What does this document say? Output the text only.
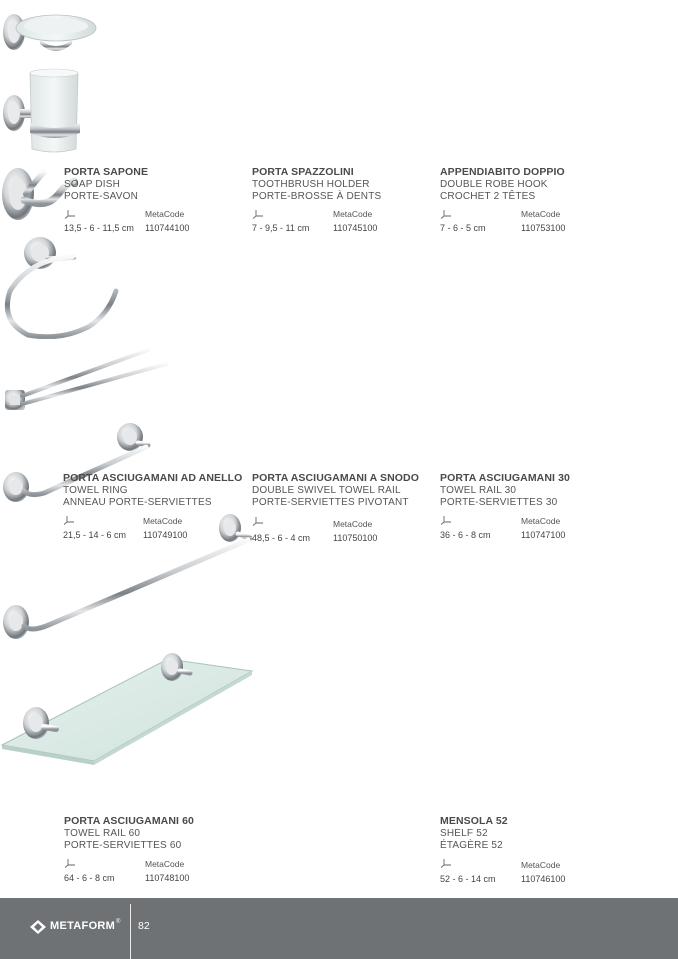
PORTA SAPONE
SOAP DISH
PORTE-SAVON
MetaCode
13,5 - 6 - 11,5 cm 110744100
PORTA SPAZZOLINI
TOOTHBRUSH HOLDER
PORTE-BROSSE À DENTS
MetaCode
7 - 9,5 - 11 cm	110745100
APPENDIABITO DOPPIO
DOUBLE ROBE HOOK
CROCHET 2 TÊTES
MetaCode
7 - 6 - 5 cm	110753100
PORTA ASCIUGAMANI AD ANELLO
TOWEL RING
ANNEAU PORTE-SERVIETTES
MetaCode
21,5 - 14 - 6 cm 110749100
PORTA ASCIUGAMANI A SNODO
DOUBLE SWIVEL TOWEL RAIL
PORTE-SERVIETTES PIVOTANT
MetaCode
48,5 - 6 - 4 cm	110750100
PORTA ASCIUGAMANI 30
TOWEL RAIL 30
PORTE-SERVIETTES 30
MetaCode
36 - 6 - 8 cm	110747100
PORTA ASCIUGAMANI 60
TOWEL RAIL 60
PORTE-SERVIETTES 60
MetaCode
64 - 6 - 8 cm	110748100
MENSOLA 52
SHELF 52
ÉTAGÈRE 52
MetaCode
52 - 6 - 14 cm	110746100
METAFORM ® 82
